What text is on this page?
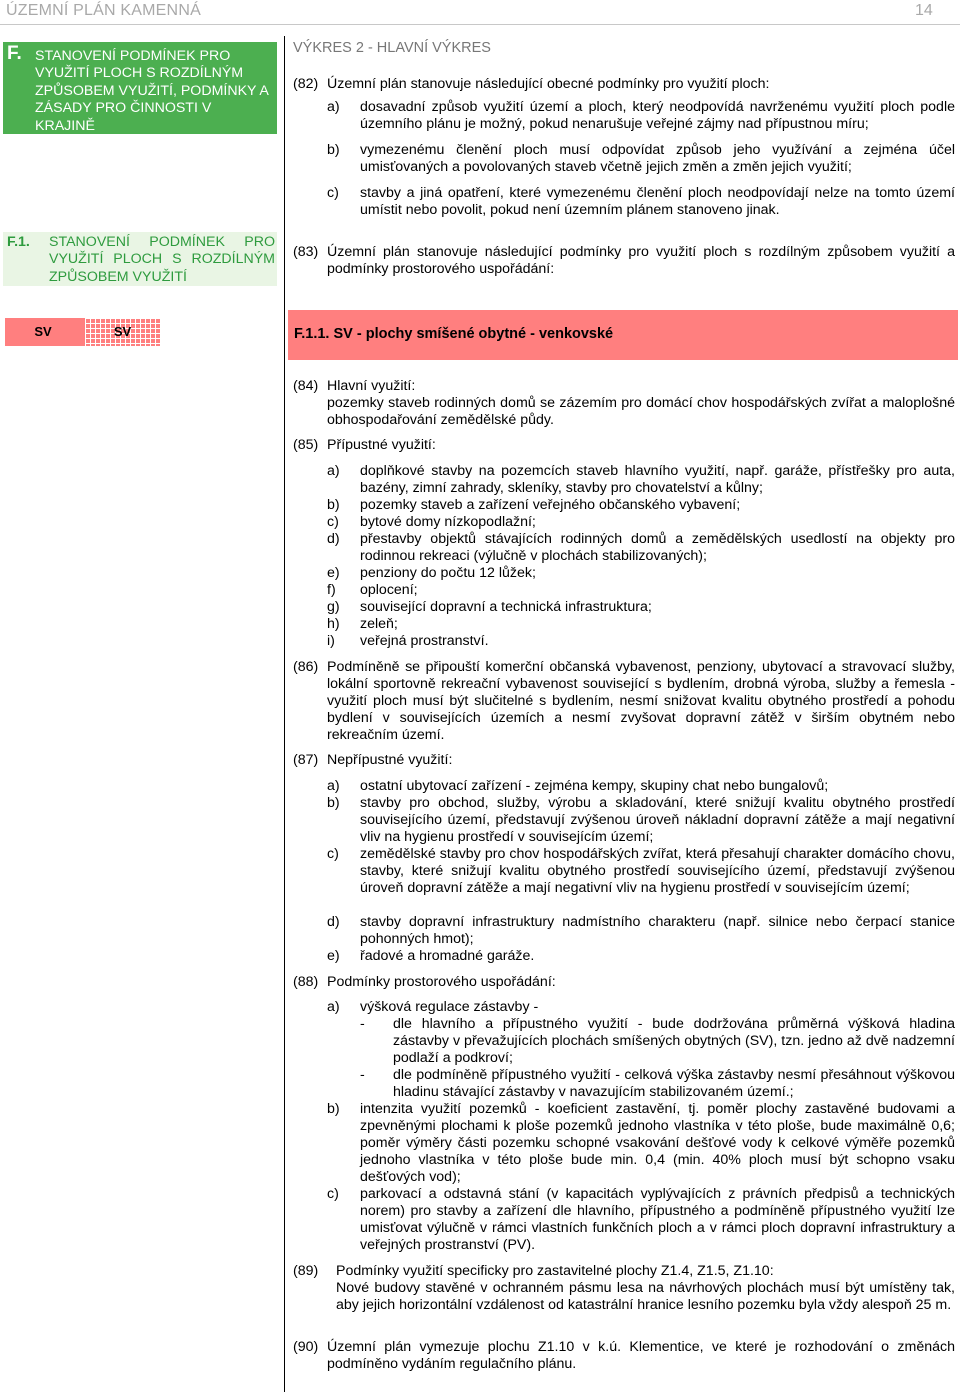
ÚZEMNÍ PLÁN KAMENNÁ	14
F. STANOVENÍ PODMÍNEK PRO VYUŽITÍ PLOCH S ROZDÍLNÝM ZPŮSOBEM VYUŽITÍ, PODMÍNKY A ZÁSADY PRO ČINNOSTI V KRAJINĚ
F.1. STANOVENÍ PODMÍNEK PRO VYUŽITÍ PLOCH S ROZDÍLNÝM ZPŮSOBEM VYUŽITÍ
SV	SV
VÝKRES 2 - HLAVNÍ VÝKRES
(82) Územní plán stanovuje následující obecné podmínky pro využití ploch:
a) dosavadní způsob využití území a ploch, který neodpovídá navrženému využití ploch podle územního plánu je možný, pokud nenarušuje veřejné zájmy nad přípustnou míru;
b) vymezenému členění ploch musí odpovídat způsob jeho využívání a zejména účel umisťovaných a povolovaných staveb včetně jejich změn a změn jejich využití;
c) stavby a jiná opatření, které vymezenému členění ploch neodpovídají nelze na tomto území umístit nebo povolit, pokud není územním plánem stanoveno jinak.
(83) Územní plán stanovuje následující podmínky pro využití ploch s rozdílným způsobem využití a podmínky prostorového uspořádání:
F.1.1. SV - plochy smíšené obytné - venkovské
(84) Hlavní využití:
pozemky staveb rodinných domů se zázemím pro domácí chov hospodářských zvířat a maloplošné obhospodařování zemědělské půdy.
(85) Přípustné využití:
a) doplňkové stavby na pozemcích staveb hlavního využití, např. garáže, přístřešky pro auta, bazény, zimní zahrady, skleníky, stavby pro chovatelství a kůlny;
b) pozemky staveb a zařízení veřejného občanského vybavení;
c) bytové domy nízkopodlažní;
d) přestavby objektů stávajících rodinných domů a zemědělských usedlostí na objekty pro rodinnou rekreaci (výlučně v plochách stabilizovaných);
e) penziony do počtu 12 lůžek;
f) oplocení;
g) související dopravní a technická infrastruktura;
h) zeleň;
i) veřejná prostranství.
(86) Podmíněně se připouští komerční občanská vybavenost, penziony, ubytovací a stravovací služby, lokální sportovně rekreační vybavenost související s bydlením, drobná výroba, služby a řemesla - využití ploch musí být slučitelné s bydlením, nesmí snižovat kvalitu obytného prostředí a pohodu bydlení v souvisejících územích a nesmí zvyšovat dopravní zátěž v širším obytném nebo rekreačním území.
(87) Nepřípustné využití:
a) ostatní ubytovací zařízení - zejména kempy, skupiny chat nebo bungalovů;
b) stavby pro obchod, služby, výrobu a skladování, které snižují kvalitu obytného prostředí souvisejícího území, představují zvýšenou úroveň nákladní dopravní zátěže a mají negativní vliv na hygienu prostředí v souvisejícím území;
c) zemědělské stavby pro chov hospodářských zvířat, která přesahují charakter domácího chovu, stavby, které snižují kvalitu obytného prostředí souvisejícího území, představují zvýšenou úroveň dopravní zátěže a mají negativní vliv na hygienu prostředí v souvisejícím území;
d) stavby dopravní infrastruktury nadmístního charakteru (např. silnice nebo čerpací stanice pohonných hmot);
e) řadové a hromadné garáže.
(88) Podmínky prostorového uspořádání:
a) výšková regulace zástavby -
- dle hlavního a přípustného využití - bude dodržována průměrná výšková hladina zástavby v převažujících plochách smíšených obytných (SV), tzn. jedno až dvě nadzemní podlaží a podkroví;
- dle podmíněně přípustného využití - celková výška zástavby nesmí přesáhnout výškovou hladinu stávající zástavby v navazujícím stabilizovaném území.;
b) intenzita využití pozemků - koeficient zastavění, tj. poměr plochy zastavěné budovami a zpevněnými plochami k ploše pozemků jednoho vlastníka v této ploše, bude maximálně 0,6; poměr výměry části pozemku schopné vsakování dešťové vody k celkové výměře pozemků jednoho vlastníka v této ploše bude min. 0,4 (min. 40% ploch musí být schopno vsaku dešťových vod);
c) parkovací a odstavná stání (v kapacitách vyplývajících z právních předpisů a technických norem) pro stavby a zařízení dle hlavního, přípustného a podmíněně přípustného využití lze umisťovat výlučně v rámci vlastních funkčních ploch a v rámci ploch dopravní infrastruktury a veřejných prostranství (PV).
(89) Podmínky využití specificky pro zastavitelné plochy Z1.4, Z1.5, Z1.10:
Nové budovy stavěné v ochranném pásmu lesa na návrhových plochách musí být umístěny tak, aby jejich horizontální vzdálenost od katastrální hranice lesního pozemku byla vždy alespoň 25 m.
(90) Územní plán vymezuje plochu Z1.10 v k.ú. Klementice, ve které je rozhodování o změnách podmíněno vydáním regulačního plánu.
